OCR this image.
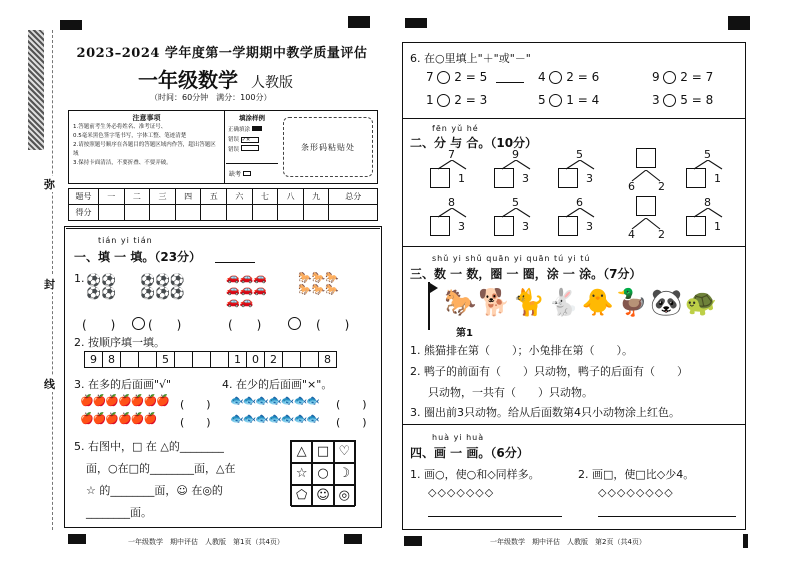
弥
封
线
2023–2024 学年度第一学期期中教学质量评估
一年级数学 人教版
（时间：60分钟　满分：100分）
注意事项
1.答题前考生务必将姓名、准考证号、
0.5毫米黑色签字笔书写，字体工整、笔迹清楚
2.请按照题号顺序在各题目的答题区域内作答，超出答题区域
3.保持卡面清洁，不要折叠、不要弄破。
填涂样例
正确填涂
错误 ✓✕
错误
缺考
条形码粘贴处
题号	一	二	三	四	五	六	七	八	九	总分
得分										
tián yi tián
一、填 一 填。（23分）
1. ⚽⚽
⚽⚽
⚽⚽⚽
⚽⚽⚽
🚗🚗🚗
🚗🚗🚗
🚗🚗
🐎🐎🐎
🐎🐎🐎
(　　)	(　　)	(　　)	(　　)
2. 按顺序填一填。
9	8			5				1	0	2			8
3. 在多的后面画"√"	4. 在少的后面画"×"。
🍎🍎🍎🍎🍎🍎🍎
🍎🍎🍎🍎🍎🍎
(　　)
(　　)
🐟🐟🐟🐟🐟🐟🐟
🐟🐟🐟🐟🐟🐟🐟
(　　)
(　　)
5. 右图中，□ 在 △的________
面，○在□的________面，△在
☆ 的________面，☺ 在◎的
________面。
△ □ ♡
☆ ○ ☽
⬠ ☺ ◎
一年级数学　期中评估　人教版　第1页（共4页）
6. 在○里填上"＋"或"－"
7 2 = 5	4 2 = 6	9 2 = 7
1 2 = 3	5 1 = 4	3 5 = 8
fēn yǔ hé
二、分 与 合。（10分）
7
1
9
3
5
3
6 2
5
1
8
3
5
3
6
3
4 2
8
1
shǔ yi shǔ quān yi quān tú yi tú
三、数 一 数，圈 一 圈，涂 一 涂。（7分）
🐎🐕🐈🐇🐥🦆🐼🐢
第1
1. 熊猫排在第（　　）；小兔排在第（　　）。
2. 鸭子的前面有（　　）只动物，鸭子的后面有（　　）
只动物，一共有（　　）只动物。
3. 圈出前3只动物。给从后面数第4只小动物涂上红色。
huà yi huà
四、画 一 画。（6分）
1. 画○，使○和◇同样多。	2. 画□，使□比◇少4。
◇◇◇◇◇◇◇	◇◇◇◇◇◇◇◇
一年级数学　期中评估　人教版　第2页（共4页）
